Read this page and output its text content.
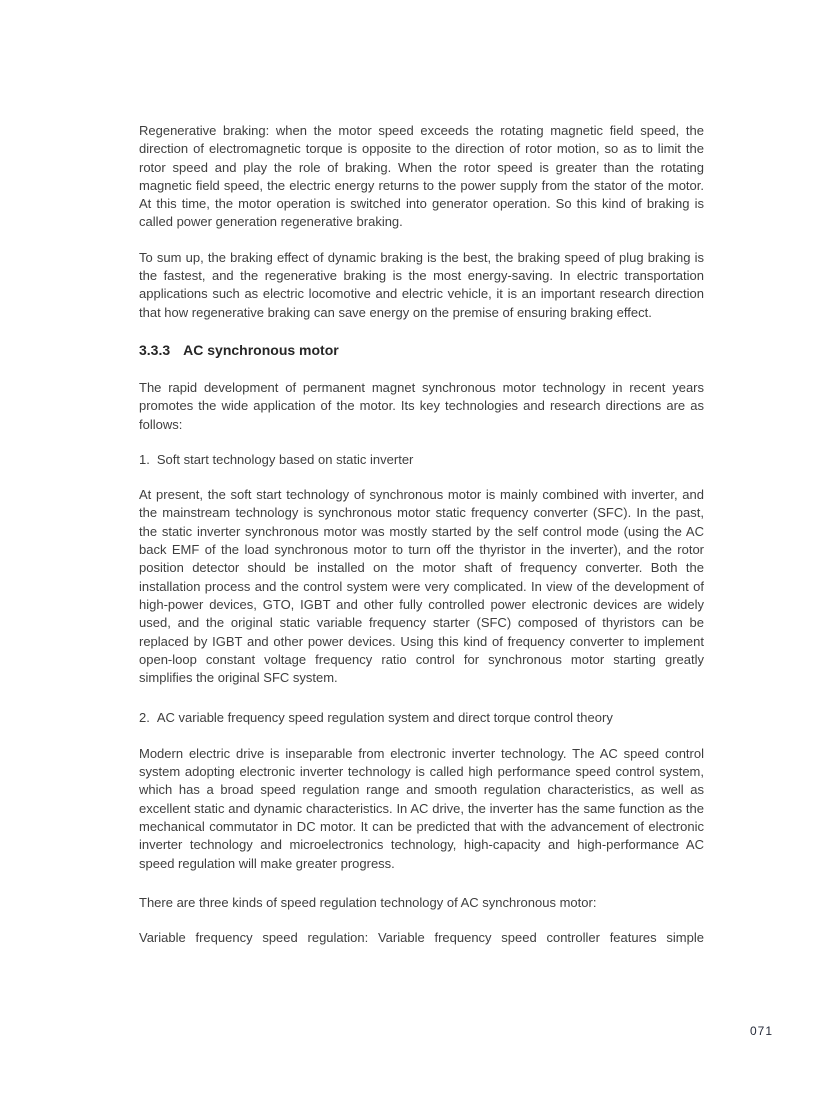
Regenerative braking: when the motor speed exceeds the rotating magnetic field speed, the direction of electromagnetic torque is opposite to the direction of rotor motion, so as to limit the rotor speed and play the role of braking. When the rotor speed is greater than the rotating magnetic field speed, the electric energy returns to the power supply from the stator of the motor. At this time, the motor operation is switched into generator operation. So this kind of braking is called power generation regenerative braking.

To sum up, the braking effect of dynamic braking is the best, the braking speed of plug braking is the fastest, and the regenerative braking is the most energy-saving. In electric transportation applications such as electric locomotive and electric vehicle, it is an important research direction that how regenerative braking can save energy on the premise of ensuring braking effect.

3.3.3 AC synchronous motor

The rapid development of permanent magnet synchronous motor technology in recent years promotes the wide application of the motor. Its key technologies and research directions are as follows:

1. Soft start technology based on static inverter

At present, the soft start technology of synchronous motor is mainly combined with inverter, and the mainstream technology is synchronous motor static frequency converter (SFC). In the past, the static inverter synchronous motor was mostly started by the self control mode (using the AC back EMF of the load synchronous motor to turn off the thyristor in the inverter), and the rotor position detector should be installed on the motor shaft of frequency converter. Both the installation process and the control system were very complicated. In view of the development of high-power devices, GTO, IGBT and other fully controlled power electronic devices are widely used, and the original static variable frequency starter (SFC) composed of thyristors can be replaced by IGBT and other power devices. Using this kind of frequency converter to implement open-loop constant voltage frequency ratio control for synchronous motor starting greatly simplifies the original SFC system.

2. AC variable frequency speed regulation system and direct torque control theory

Modern electric drive is inseparable from electronic inverter technology. The AC speed control system adopting electronic inverter technology is called high performance speed control system, which has a broad speed regulation range and smooth regulation characteristics, as well as excellent static and dynamic characteristics. In AC drive, the inverter has the same function as the mechanical commutator in DC motor. It can be predicted that with the advancement of electronic inverter technology and microelectronics technology, high-capacity and high-performance AC speed regulation will make greater progress.

There are three kinds of speed regulation technology of AC synchronous motor:

Variable frequency speed regulation: Variable frequency speed controller features simple

071
